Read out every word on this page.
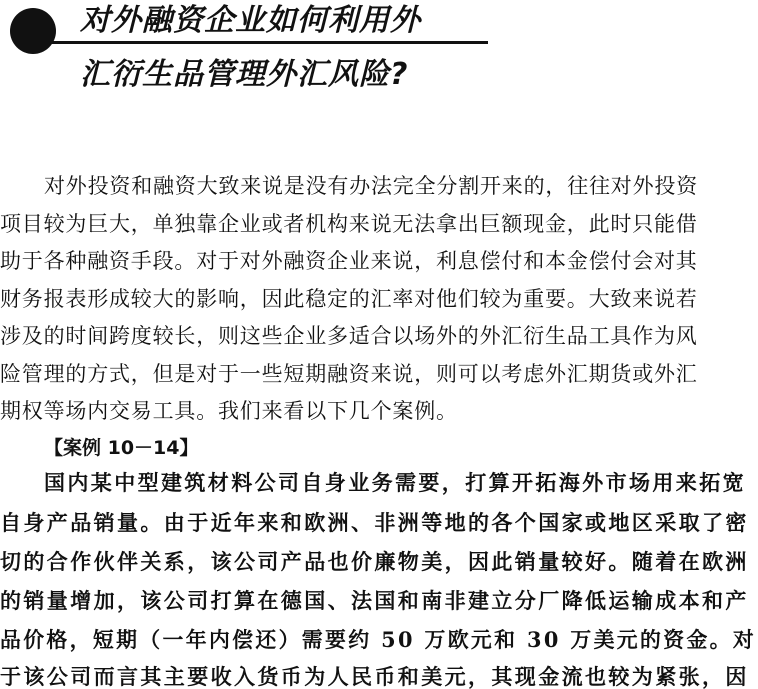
对外融资企业如何利用外
汇衍生品管理外汇风险?
对外投资和融资大致来说是没有办法完全分割开来的，往往对外投资
项目较为巨大，单独靠企业或者机构来说无法拿出巨额现金，此时只能借
助于各种融资手段。对于对外融资企业来说，利息偿付和本金偿付会对其
财务报表形成较大的影响，因此稳定的汇率对他们较为重要。大致来说若
涉及的时间跨度较长，则这些企业多适合以场外的外汇衍生品工具作为风
险管理的方式，但是对于一些短期融资来说，则可以考虑外汇期货或外汇
期权等场内交易工具。我们来看以下几个案例。
【案例 10－14】
国内某中型建筑材料公司自身业务需要，打算开拓海外市场用来拓宽
自身产品销量。由于近年来和欧洲、非洲等地的各个国家或地区采取了密
切的合作伙伴关系，该公司产品也价廉物美，因此销量较好。随着在欧洲
的销量增加，该公司打算在德国、法国和南非建立分厂降低运输成本和产
品价格，短期（一年内偿还）需要约 50 万欧元和 30 万美元的资金。对
于该公司而言其主要收入货币为人民币和美元，其现金流也较为紧张，因
